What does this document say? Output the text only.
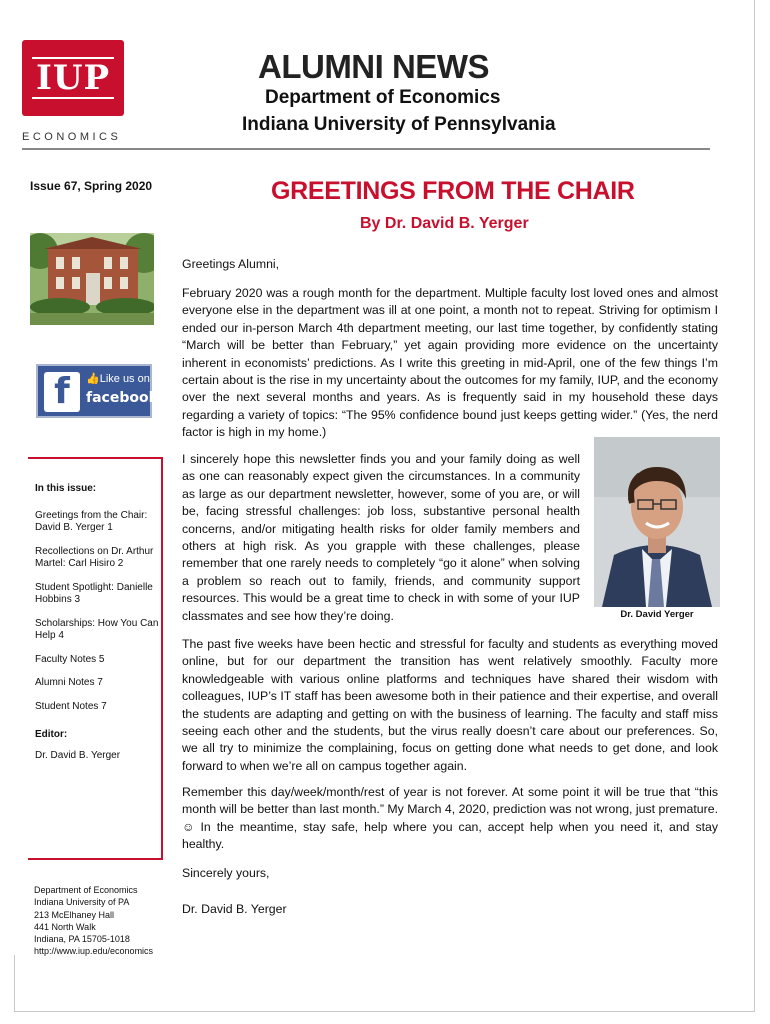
IUP
ECONOMICS
ALUMNI NEWS
Department of Economics
Indiana University of Pennsylvania
Issue 67, Spring 2020	GREETINGS FROM THE CHAIR
By Dr. David B. Yerger
f	👍Like us on
facebook
In this issue:
Greetings from the Chair: David B. Yerger 1
Recollections on Dr. Arthur Martel: Carl Hisiro 2
Student Spotlight: Danielle Hobbins 3
Scholarships: How You Can Help 4
Faculty Notes 5
Alumni Notes 7
Student Notes 7
Editor:
Dr. David B. Yerger
Department of Economics
Indiana University of PA
213 McElhaney Hall
441 North Walk
Indiana, PA 15705-1018
http://www.iup.edu/economics
Greetings Alumni,
February 2020 was a rough month for the department. Multiple faculty lost loved ones and almost everyone else in the department was ill at one point, a month not to repeat. Striving for optimism I ended our in-person March 4th department meeting, our last time together, by confidently stating “March will be better than February,” yet again providing more evidence on the uncertainty inherent in economists’ predictions. As I write this greeting in mid-April, one of the few things I’m certain about is the rise in my uncertainty about the outcomes for my family, IUP, and the economy over the next several months and years. As is frequently said in my household these days regarding a variety of topics: “The 95% confidence bound just keeps getting wider.” (Yes, the nerd factor is high in my home.)
I sincerely hope this newsletter finds you and your family doing as well as one can reasonably expect given the circumstances. In a community as large as our department newsletter, however, some of you are, or will be, facing stressful challenges: job loss, substantive personal health concerns, and/or mitigating health risks for older family members and others at high risk. As you grapple with these challenges, please remember that one rarely needs to completely “go it alone” when solving a problem so reach out to family, friends, and community support resources. This would be a great time to check in with some of your IUP classmates and see how they’re doing.	Dr. David Yerger
The past five weeks have been hectic and stressful for faculty and students as everything moved online, but for our department the transition has went relatively smoothly. Faculty more knowledgeable with various online platforms and techniques have shared their wisdom with colleagues, IUP’s IT staff has been awesome both in their patience and their expertise, and overall the students are adapting and getting on with the business of learning. The faculty and staff miss seeing each other and the students, but the virus really doesn’t care about our preferences. So, we all try to minimize the complaining, focus on getting done what needs to get done, and look forward to when we’re all on campus together again.
Remember this day/week/month/rest of year is not forever. At some point it will be true that “this month will be better than last month.” My March 4, 2020, prediction was not wrong, just premature.☺ In the meantime, stay safe, help where you can, accept help when you need it, and stay healthy.
Sincerely yours,
Dr. David B. Yerger
